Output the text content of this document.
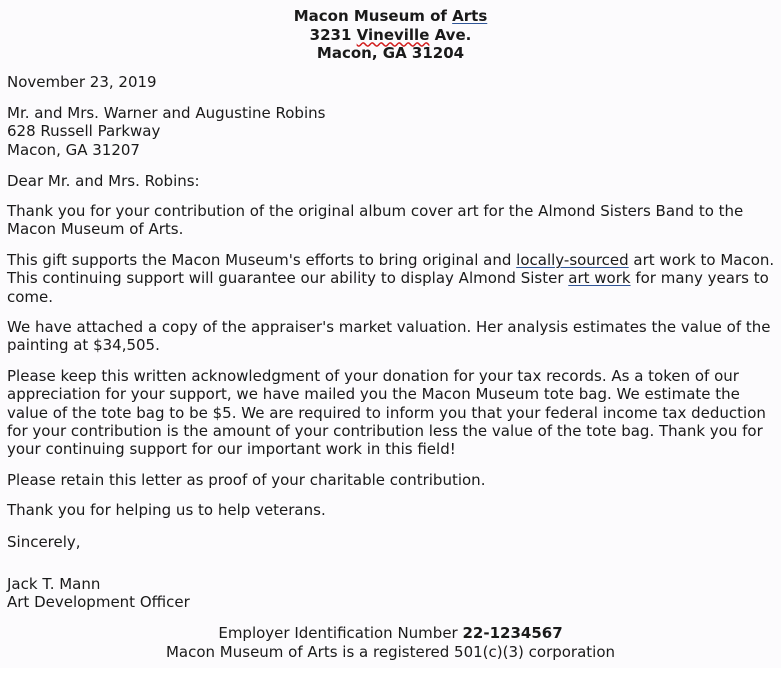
Macon Museum of Arts
3231 Vineville Ave.
Macon, GA 31204
November 23, 2019
Mr. and Mrs. Warner and Augustine Robins
628 Russell Parkway
Macon, GA 31207
Dear Mr. and Mrs. Robins:
Thank you for your contribution of the original album cover art for the Almond Sisters Band to the Macon Museum of Arts.
This gift supports the Macon Museum's efforts to bring original and locally-sourced art work to Macon. This continuing support will guarantee our ability to display Almond Sister art work for many years to come.
We have attached a copy of the appraiser's market valuation. Her analysis estimates the value of the painting at $34,505.
Please keep this written acknowledgment of your donation for your tax records. As a token of our appreciation for your support, we have mailed you the Macon Museum tote bag. We estimate the value of the tote bag to be $5. We are required to inform you that your federal income tax deduction for your contribution is the amount of your contribution less the value of the tote bag. Thank you for your continuing support for our important work in this field!
Please retain this letter as proof of your charitable contribution.
Thank you for helping us to help veterans.
Sincerely,
Jack T. Mann
Art Development Officer
Employer Identification Number 22-1234567
Macon Museum of Arts is a registered 501(c)(3) corporation
